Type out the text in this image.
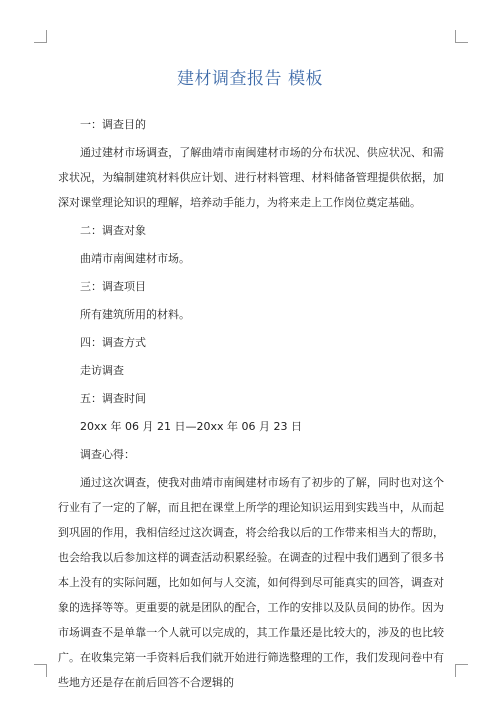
建材调查报告 模板

一：调查目的

通过建材市场调查，了解曲靖市南闽建材市场的分布状况、供应状况、和需求状况，为编制建筑材料供应计划、进行材料管理、材料储备管理提供依据，加深对课堂理论知识的理解，培养动手能力，为将来走上工作岗位奠定基础。

二：调查对象

曲靖市南闽建材市场。

三：调查项目

所有建筑所用的材料。

四：调查方式

走访调查

五：调查时间

20xx 年 06 月 21 日—20xx 年 06 月 23 日

调查心得：

通过这次调查，使我对曲靖市南闽建材市场有了初步的了解，同时也对这个行业有了一定的了解，而且把在课堂上所学的理论知识运用到实践当中，从而起到巩固的作用，我相信经过这次调查，将会给我以后的工作带来相当大的帮助，也会给我以后参加这样的调查活动积累经验。在调查的过程中我们遇到了很多书本上没有的实际问题，比如如何与人交流，如何得到尽可能真实的回答，调查对象的选择等等。更重要的就是团队的配合，工作的安排以及队员间的协作。因为市场调查不是单靠一个人就可以完成的，其工作量还是比较大的，涉及的也比较广。在收集完第一手资料后我们就开始进行筛选整理的工作，我们发现问卷中有些地方还是存在前后回答不合逻辑的
